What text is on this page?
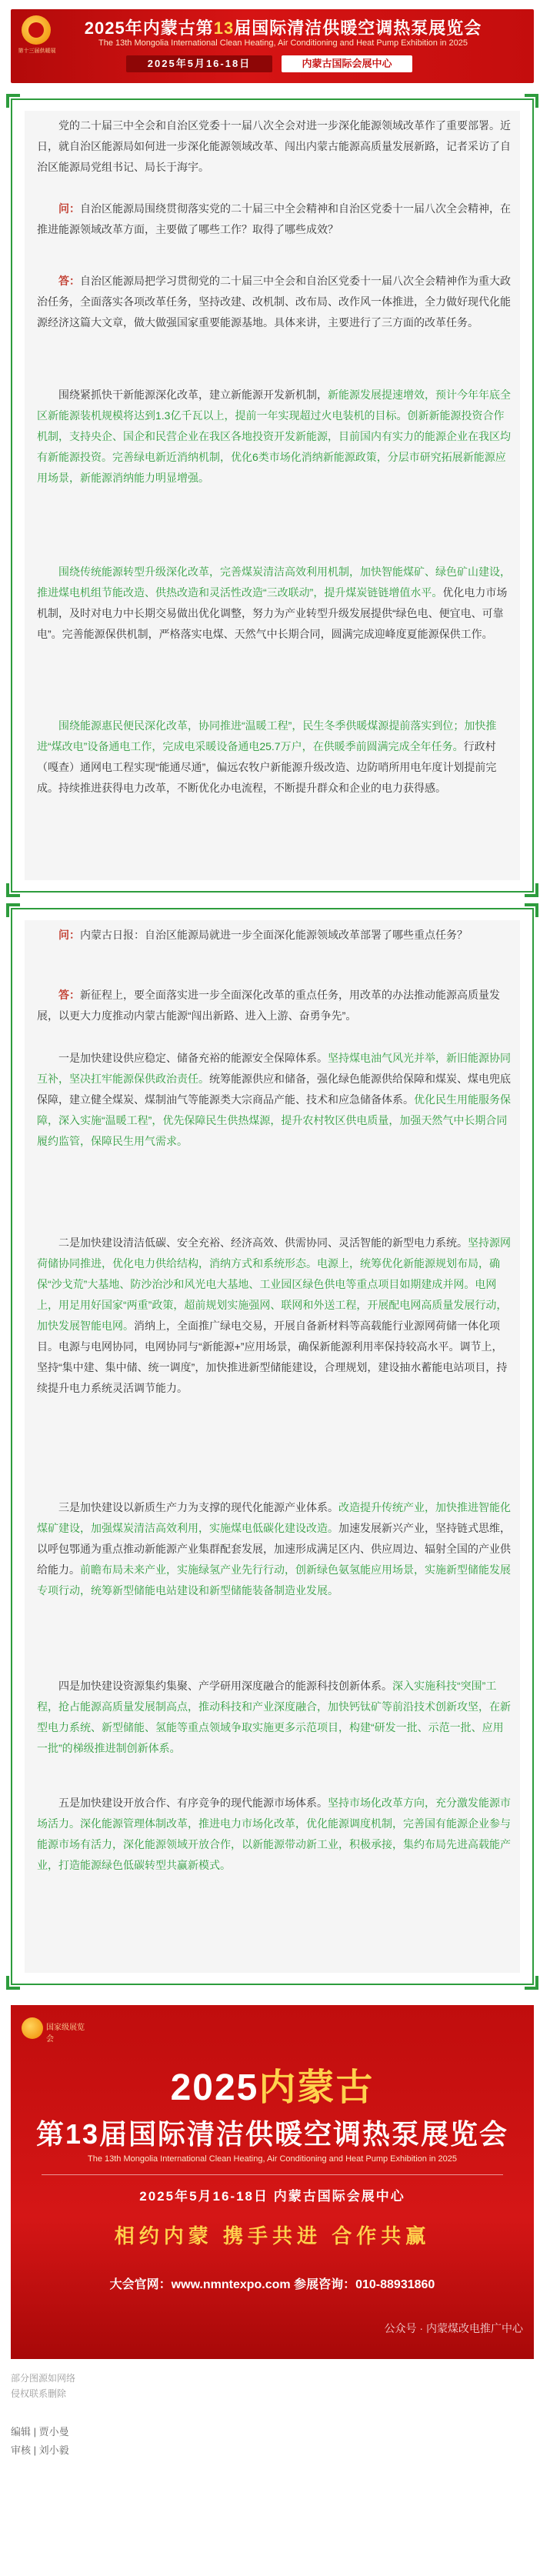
第十三届供暖展
2025年内蒙古第13届国际清洁供暖空调热泵展览会
The 13th Mongolia International Clean Heating, Air Conditioning and Heat Pump Exhibition in 2025
2025年5月16-18日	内蒙古国际会展中心

党的二十届三中全会和自治区党委十一届八次全会对进一步深化能源领域改革作了重要部署。近日，就自治区能源局如何进一步深化能源领域改革、闯出内蒙古能源高质量发展新路，记者采访了自治区能源局党组书记、局长于海宇。

问：自治区能源局围绕贯彻落实党的二十届三中全会精神和自治区党委十一届八次全会精神，在推进能源领域改革方面，主要做了哪些工作？取得了哪些成效？

答：自治区能源局把学习贯彻党的二十届三中全会和自治区党委十一届八次全会精神作为重大政治任务，全面落实各项改革任务，坚持改建、改机制、改布局、改作风一体推进，全力做好现代化能源经济这篇大文章，做大做强国家重要能源基地。具体来讲，主要进行了三方面的改革任务。

围绕紧抓快干新能源深化改革，建立新能源开发新机制，新能源发展提速增效，预计今年年底全区新能源装机规模将达到1.3亿千瓦以上，提前一年实现超过火电装机的目标。创新新能源投资合作机制，支持央企、国企和民营企业在我区各地投资开发新能源，目前国内有实力的能源企业在我区均有新能源投资。完善绿电新近消纳机制，优化6类市场化消纳新能源政策，分层市研究拓展新能源应用场景，新能源消纳能力明显增强。

围绕传统能源转型升级深化改革，完善煤炭清洁高效利用机制，加快智能煤矿、绿色矿山建设，推进煤电机组节能改造、供热改造和灵活性改造“三改联动”，提升煤炭链链增值水平。优化电力市场机制，及时对电力中长期交易做出优化调整，努力为产业转型升级发展提供“绿色电、便宜电、可靠电”。完善能源保供机制，严格落实电煤、天然气中长期合同，圆满完成迎峰度夏能源保供工作。

围绕能源惠民便民深化改革，协同推进“温暖工程”，民生冬季供暖煤源提前落实到位；加快推进“煤改电”设备通电工作，完成电采暖设备通电25.7万户，在供暖季前圆满完成全年任务。行政村（嘎查）通网电工程实现“能通尽通”，偏远农牧户新能源升级改造、边防哨所用电年度计划提前完成。持续推进获得电力改革，不断优化办电流程，不断提升群众和企业的电力获得感。

问：内蒙古日报：自治区能源局就进一步全面深化能源领域改革部署了哪些重点任务？

答：新征程上，要全面落实进一步全面深化改革的重点任务，用改革的办法推动能源高质量发展，以更大力度推动内蒙古能源“闯出新路、进入上游、奋勇争先”。

一是加快建设供应稳定、储备充裕的能源安全保障体系。坚持煤电油气风光并举，新旧能源协同互补，坚决扛牢能源保供政治责任。统筹能源供应和储备，强化绿色能源供给保障和煤炭、煤电兜底保障，建立健全煤炭、煤制油气等能源类大宗商品产能、技术和应急储备体系。优化民生用能服务保障，深入实施“温暖工程”，优先保障民生供热煤源，提升农村牧区供电质量，加强天然气中长期合同履约监管，保障民生用气需求。

二是加快建设清洁低碳、安全充裕、经济高效、供需协同、灵活智能的新型电力系统。坚持源网荷储协同推进，优化电力供给结构，消纳方式和系统形态。电源上，统筹优化新能源规划布局，确保“沙戈荒”大基地、防沙治沙和风光电大基地、工业园区绿色供电等重点项目如期建成并网。电网上，用足用好国家“两重”政策，超前规划实施强网、联网和外送工程，开展配电网高质量发展行动，加快发展智能电网。消纳上，全面推广绿电交易，开展自备新材料等高载能行业源网荷储一体化项目。电源与电网协同，电网协同与“新能源+”应用场景，确保新能源利用率保持较高水平。调节上，坚持“集中建、集中储、统一调度”，加快推进新型储能建设，合理规划，建设抽水蓄能电站项目，持续提升电力系统灵活调节能力。

三是加快建设以新质生产力为支撑的现代化能源产业体系。改造提升传统产业，加快推进智能化煤矿建设，加强煤炭清洁高效利用，实施煤电低碳化建设改造。加速发展新兴产业，坚持链式思维，以呼包鄂通为重点推动新能源产业集群配套发展，加速形成满足区内、供应周边、辐射全国的产业供给能力。前瞻布局未来产业，实施绿氢产业先行行动，创新绿色氨氢能应用场景，实施新型储能发展专项行动，统筹新型储能电站建设和新型储能装备制造业发展。

四是加快建设资源集约集聚、产学研用深度融合的能源科技创新体系。深入实施科技“突围”工程，抢占能源高质量发展制高点，推动科技和产业深度融合，加快钙钛矿等前沿技术创新攻坚，在新型电力系统、新型储能、氢能等重点领域争取实施更多示范项目，构建“研发一批、示范一批、应用一批”的梯级推进制创新体系。

五是加快建设开放合作、有序竞争的现代能源市场体系。坚持市场化改革方向，充分激发能源市场活力。深化能源管理体制改革，推进电力市场化改革，优化能源调度机制，完善国有能源企业参与能源市场有活力，深化能源领域开放合作，以新能源带动新工业，积极承接，集约布局先进高载能产业，打造能源绿色低碳转型共赢新模式。

国家级展览会
2025内蒙古
第13届国际清洁供暖空调热泵展览会
The 13th Mongolia International Clean Heating, Air Conditioning and Heat Pump Exhibition in 2025
2025年5月16-18日 内蒙古国际会展中心
相约内蒙 携手共进 合作共赢
大会官网：www.nmntexpo.com 参展咨询：010-88931860
公众号 · 内蒙煤改电推广中心
部分图源如网络
侵权联系删除
编辑 | 贾小曼
审核 | 刘小毅
